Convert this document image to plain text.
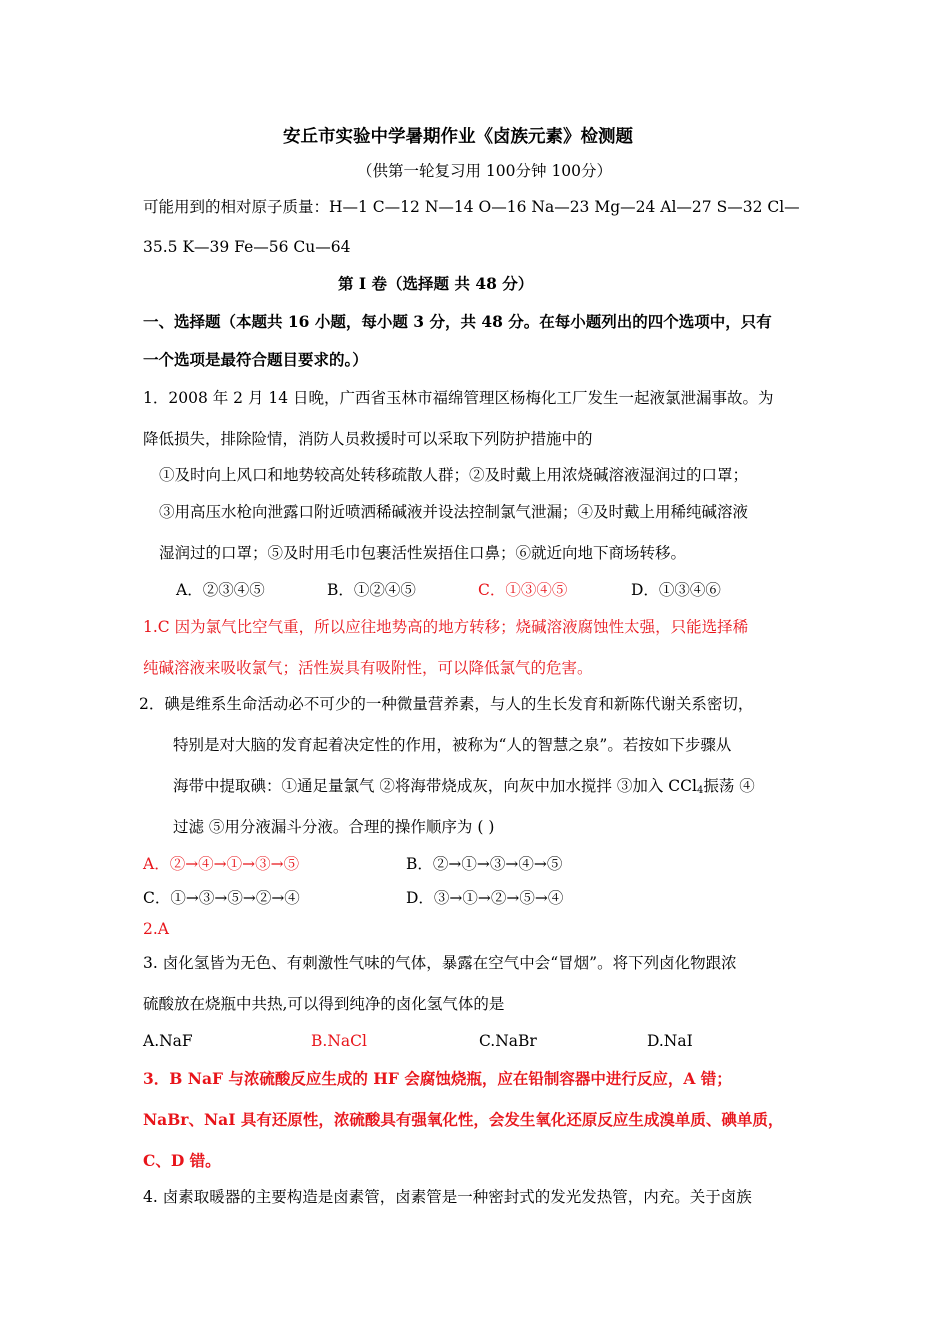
安丘市实验中学暑期作业《卤族元素》检测题
（供第一轮复习用 100分钟 100分）
可能用到的相对原子质量：H—1 C—12 N—14 O—16 Na—23 Mg—24 Al—27 S—32 Cl—
35.5 K—39 Fe—56 Cu—64
第 I 卷（选择题 共 48 分）
一、选择题（本题共 16 小题，每小题 3 分，共 48 分。在每小题列出的四个选项中，只有
一个选项是最符合题目要求的。）
1．2008 年 2 月 14 日晚，广西省玉林市福绵管理区杨梅化工厂发生一起液氯泄漏事故。为
降低损失，排除险情，消防人员救援时可以采取下列防护措施中的
①及时向上风口和地势较高处转移疏散人群；②及时戴上用浓烧碱溶液湿润过的口罩；
③用高压水枪向泄露口附近喷洒稀碱液并设法控制氯气泄漏；④及时戴上用稀纯碱溶液
湿润过的口罩；⑤及时用毛巾包裹活性炭捂住口鼻；⑥就近向地下商场转移。
A．②③④⑤	B．①②④⑤	C．①③④⑤	D．①③④⑥
1.C 因为氯气比空气重，所以应往地势高的地方转移；烧碱溶液腐蚀性太强，只能选择稀
纯碱溶液来吸收氯气；活性炭具有吸附性，可以降低氯气的危害。
2．碘是维系生命活动必不可少的一种微量营养素，与人的生长发育和新陈代谢关系密切，
特别是对大脑的发育起着决定性的作用，被称为“人的智慧之泉”。若按如下步骤从
海带中提取碘：①通足量氯气 ②将海带烧成灰，向灰中加水搅拌 ③加入 CCl$_4$振荡 ④
过滤 ⑤用分液漏斗分液。合理的操作顺序为 ( )
A．②→④→①→③→⑤	B．②→①→③→④→⑤
C．①→③→⑤→②→④	D．③→①→②→⑤→④
2.A
3. 卤化氢皆为无色、有刺激性气味的气体，暴露在空气中会“冒烟”。将下列卤化物跟浓
硫酸放在烧瓶中共热,可以得到纯净的卤化氢气体的是
A.NaF	B.NaCl	C.NaBr	D.NaI
3．B NaF 与浓硫酸反应生成的 HF 会腐蚀烧瓶，应在铅制容器中进行反应，A 错；
NaBr、NaI 具有还原性，浓硫酸具有强氧化性，会发生氧化还原反应生成溴单质、碘单质，
C、D 错。
4. 卤素取暖器的主要构造是卤素管，卤素管是一种密封式的发光发热管，内充。关于卤族
